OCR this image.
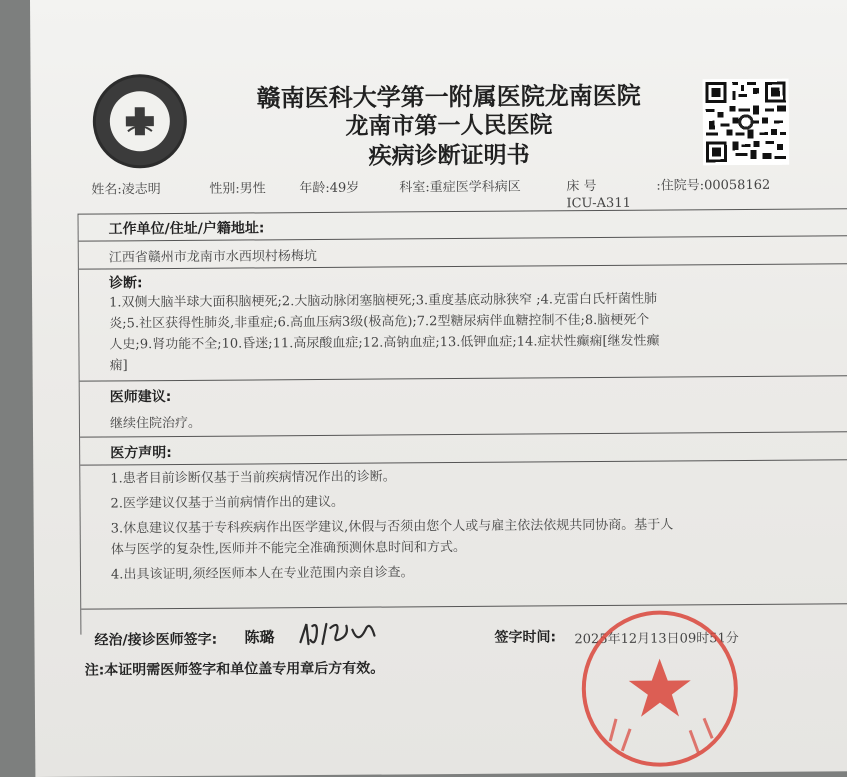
赣南医科大学第一附属医院龙南医院
龙南市第一人民医院
疾病诊断证明书
姓名:凌志明	性别:男性	年龄:49岁	科室:重症医学科病区	床 号
ICU-A311
:住院号:00058162
工作单位/住址/户籍地址:
江西省赣州市龙南市水西坝村杨梅坑
诊断:
1.双侧大脑半球大面积脑梗死;2.大脑动脉闭塞脑梗死;3.重度基底动脉狭窄 ;4.克雷白氏杆菌性肺
炎;5.社区获得性肺炎,非重症;6.高血压病3级(极高危);7.2型糖尿病伴血糖控制不佳;8.脑梗死个
人史;9.肾功能不全;10.昏迷;11.高尿酸血症;12.高钠血症;13.低钾血症;14.症状性癫痫[继发性癫
痫]
医师建议:
继续住院治疗。
医方声明:
1.患者目前诊断仅基于当前疾病情况作出的诊断。
2.医学建议仅基于当前病情作出的建议。
3.休息建议仅基于专科疾病作出医学建议,休假与否须由您个人或与雇主依法依规共同协商。基于人
体与医学的复杂性,医师并不能完全准确预测休息时间和方式。
4.出具该证明,须经医师本人在专业范围内亲自诊查。
经治/接诊医师签字: 陈璐	签字时间: 2025年12月13日09时51分
注:本证明需医师签字和单位盖专用章后方有效。
